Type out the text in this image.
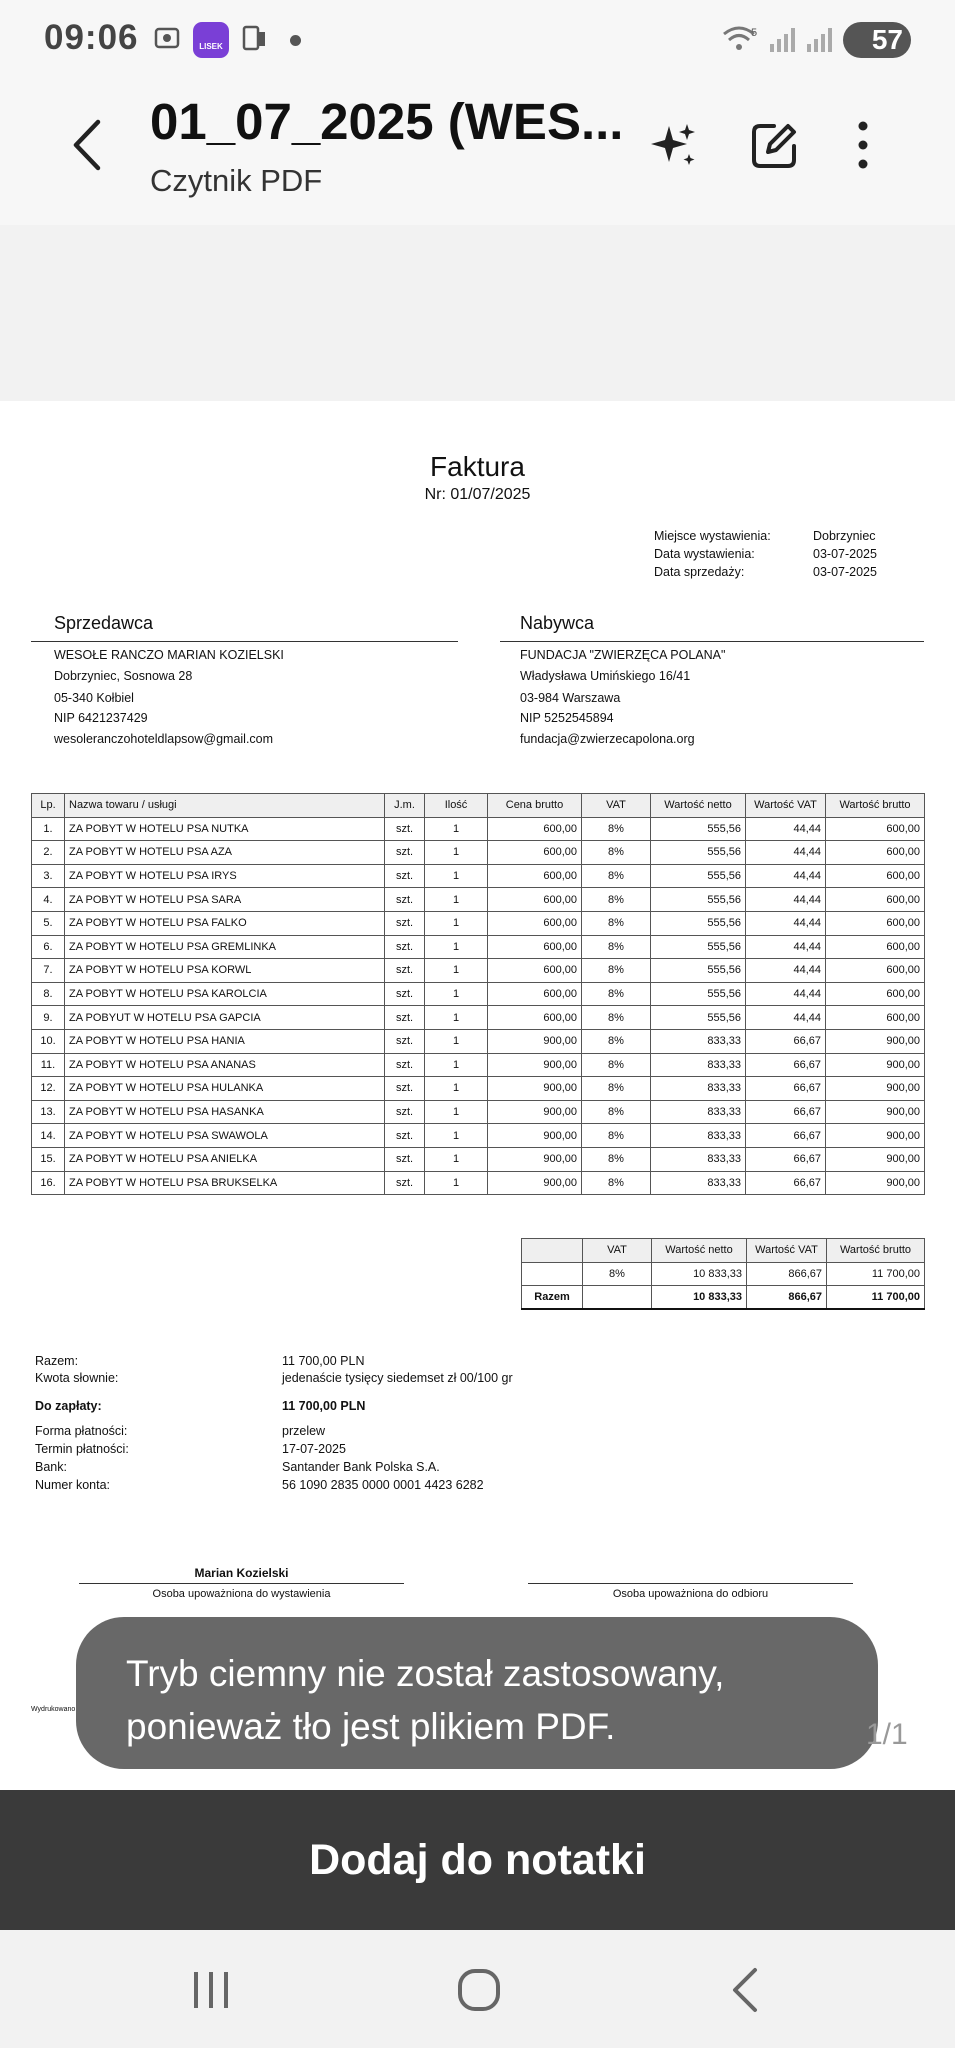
09:06	LISEK
5	57
01_07_2025 (WES...
Czytnik PDF
Faktura
Nr: 01/07/2025
Miejsce wystawienia:	Dobrzyniec
Data wystawienia:	03-07-2025
Data sprzedaży:	03-07-2025
Sprzedawca
WESOŁE RANCZO MARIAN KOZIELSKI
Dobrzyniec, Sosnowa 28
05-340 Kołbiel
NIP 6421237429
wesoleranczohoteldlapsow@gmail.com
Nabywca
FUNDACJA "ZWIERZĘCA POLANA"
Władysława Umińskiego 16/41
03-984 Warszawa
NIP 5252545894
fundacja@zwierzecapolona.org
Lp.	Nazwa towaru / usługi	J.m.	Ilość	Cena brutto	VAT	Wartość netto	Wartość VAT	Wartość brutto
1.	ZA POBYT W HOTELU PSA NUTKA	szt.	1	600,00	8%	555,56	44,44	600,00
2.	ZA POBYT W HOTELU PSA AZA	szt.	1	600,00	8%	555,56	44,44	600,00
3.	ZA POBYT W HOTELU PSA IRYS	szt.	1	600,00	8%	555,56	44,44	600,00
4.	ZA POBYT W HOTELU PSA SARA	szt.	1	600,00	8%	555,56	44,44	600,00
5.	ZA POBYT W HOTELU PSA FALKO	szt.	1	600,00	8%	555,56	44,44	600,00
6.	ZA POBYT W HOTELU PSA GREMLINKA	szt.	1	600,00	8%	555,56	44,44	600,00
7.	ZA POBYT W HOTELU PSA KORWL	szt.	1	600,00	8%	555,56	44,44	600,00
8.	ZA POBYT W HOTELU PSA KAROLCIA	szt.	1	600,00	8%	555,56	44,44	600,00
9.	ZA POBYUT W HOTELU PSA GAPCIA	szt.	1	600,00	8%	555,56	44,44	600,00
10.	ZA POBYT W HOTELU PSA HANIA	szt.	1	900,00	8%	833,33	66,67	900,00
11.	ZA POBYT W HOTELU PSA ANANAS	szt.	1	900,00	8%	833,33	66,67	900,00
12.	ZA POBYT W HOTELU PSA HULANKA	szt.	1	900,00	8%	833,33	66,67	900,00
13.	ZA POBYT W HOTELU PSA HASANKA	szt.	1	900,00	8%	833,33	66,67	900,00
14.	ZA POBYT W HOTELU PSA SWAWOLA	szt.	1	900,00	8%	833,33	66,67	900,00
15.	ZA POBYT W HOTELU PSA ANIELKA	szt.	1	900,00	8%	833,33	66,67	900,00
16.	ZA POBYT W HOTELU PSA BRUKSELKA	szt.	1	900,00	8%	833,33	66,67	900,00
	VAT	Wartość netto	Wartość VAT	Wartość brutto
	8%	10 833,33	866,67	11 700,00
Razem		10 833,33	866,67	11 700,00
Razem:	11 700,00 PLN
Kwota słownie:	jedenaście tysięcy siedemset zł 00/100 gr
Do zapłaty:	11 700,00 PLN
Forma płatności:	przelew
Termin płatności:	17-07-2025
Bank:	Santander Bank Polska S.A.
Numer konta:	56 1090 2835 0000 0001 4423 6282
Marian Kozielski
Osoba upoważniona do wystawienia	Osoba upoważniona do odbioru
Wydrukowano
Tryb ciemny nie został zastosowany, ponieważ tło jest plikiem PDF.	1/1
Dodaj do notatki
